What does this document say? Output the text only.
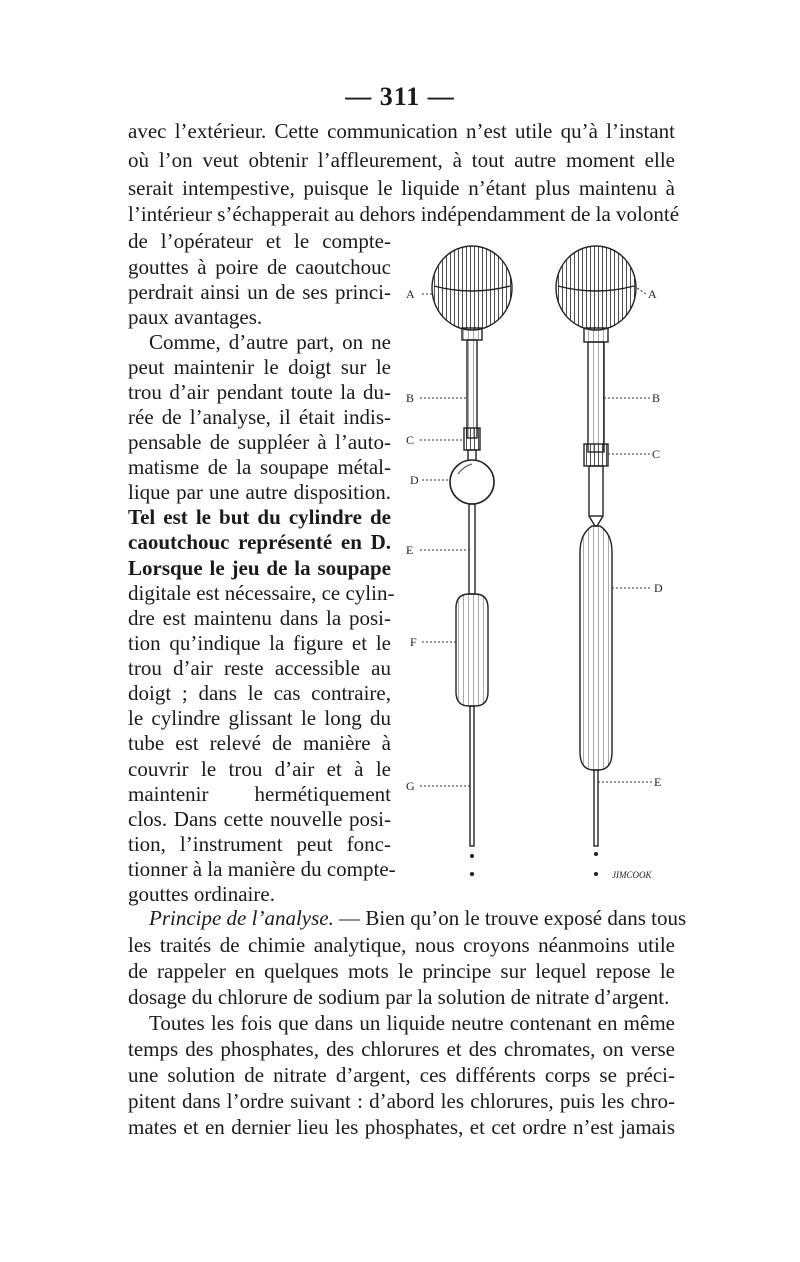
— 311 —
avec l’extérieur. Cette communication n’est utile qu’à l’instant
où l’on veut obtenir l’affleurement, à tout autre moment elle
serait intempestive, puisque le liquide n’étant plus maintenu à
l’intérieur s’échapperait au dehors indépendamment de la volonté
de l’opérateur et le compte-
gouttes à poire de caoutchouc
perdrait ainsi un de ses princi-
paux avantages.
Comme, d’autre part, on ne
peut maintenir le doigt sur le
trou d’air pendant toute la du-
rée de l’analyse, il était indis-
pensable de suppléer à l’auto-
matisme de la soupape métal-
lique par une autre disposition.
Tel est le but du cylindre de
caoutchouc représenté en D.
Lorsque le jeu de la soupape
digitale est nécessaire, ce cylin-
dre est maintenu dans la posi-
tion qu’indique la figure et le
trou d’air reste accessible au
doigt ; dans le cas contraire,
le cylindre glissant le long du
tube est relevé de manière à
couvrir le trou d’air et à le
maintenir hermétiquement
clos. Dans cette nouvelle posi-
tion, l’instrument peut fonc-
tionner à la manière du compte-
gouttes ordinaire.
Principe de l’analyse. — Bien qu’on le trouve exposé dans tous
les traités de chimie analytique, nous croyons néanmoins utile
de rappeler en quelques mots le principe sur lequel repose le
dosage du chlorure de sodium par la solution de nitrate d’argent.
Toutes les fois que dans un liquide neutre contenant en même
temps des phosphates, des chlorures et des chromates, on verse
une solution de nitrate d’argent, ces différents corps se préci-
pitent dans l’ordre suivant : d’abord les chlorures, puis les chro-
mates et en dernier lieu les phosphates, et cet ordre n’est jamais
A
B
C
D
E
F
G
A
B
C
D
E
JIMCOOK
